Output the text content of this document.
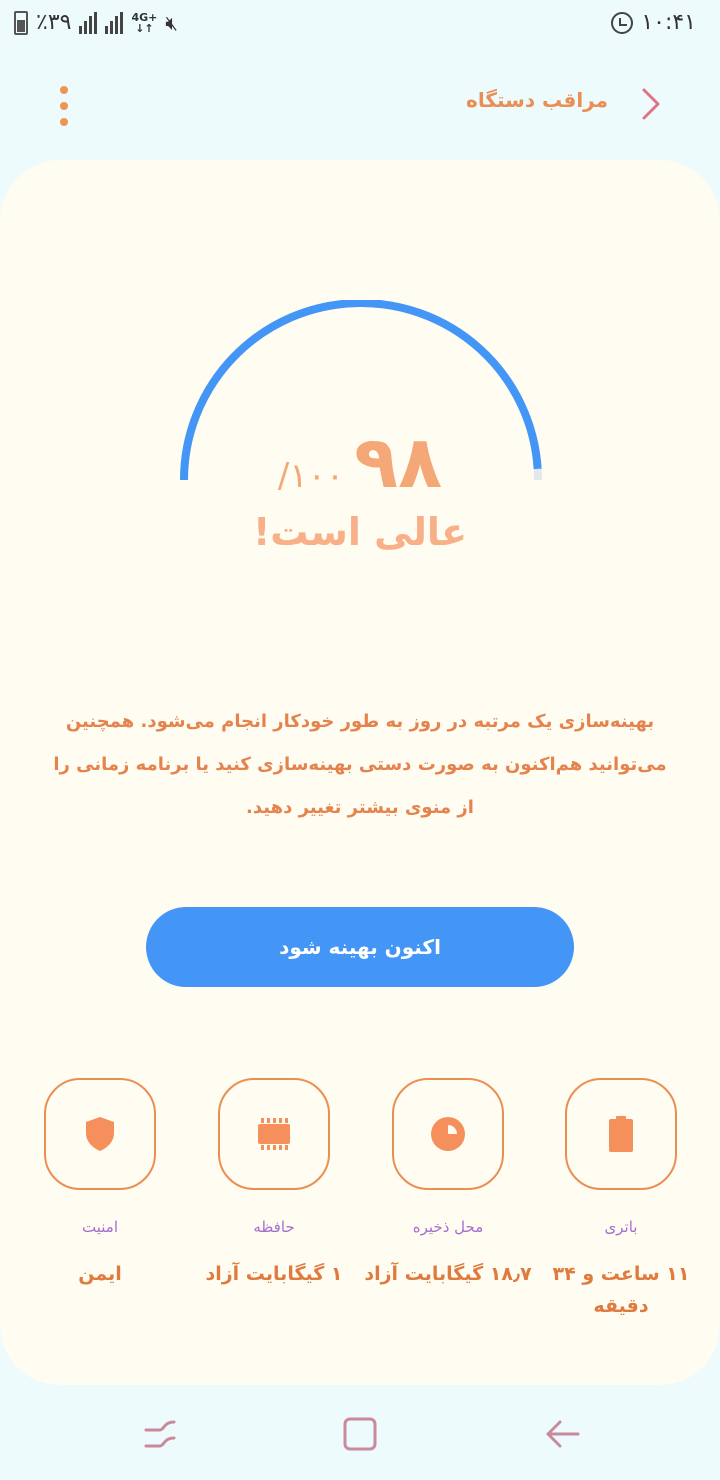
٪۳۹	4G+
↓↑ 🔇︎	۱۰:۴۱
مراقب دستگاه
/۱۰۰ ۹۸
عالی است!
بهینه‌سازی یک مرتبه در روز به طور خودکار انجام می‌شود. همچنین می‌توانید هم‌اکنون به صورت دستی بهینه‌سازی کنید یا برنامه زمانی را از منوی بیشتر تغییر دهید.
اکنون بهینه شود
امنیت
ایمن
حافظه
۱ گیگابایت آزاد
محل ذخیره
۱۸٫۷ گیگابایت آزاد
باتری
۱۱ ساعت و ۳۴ دقیقه
